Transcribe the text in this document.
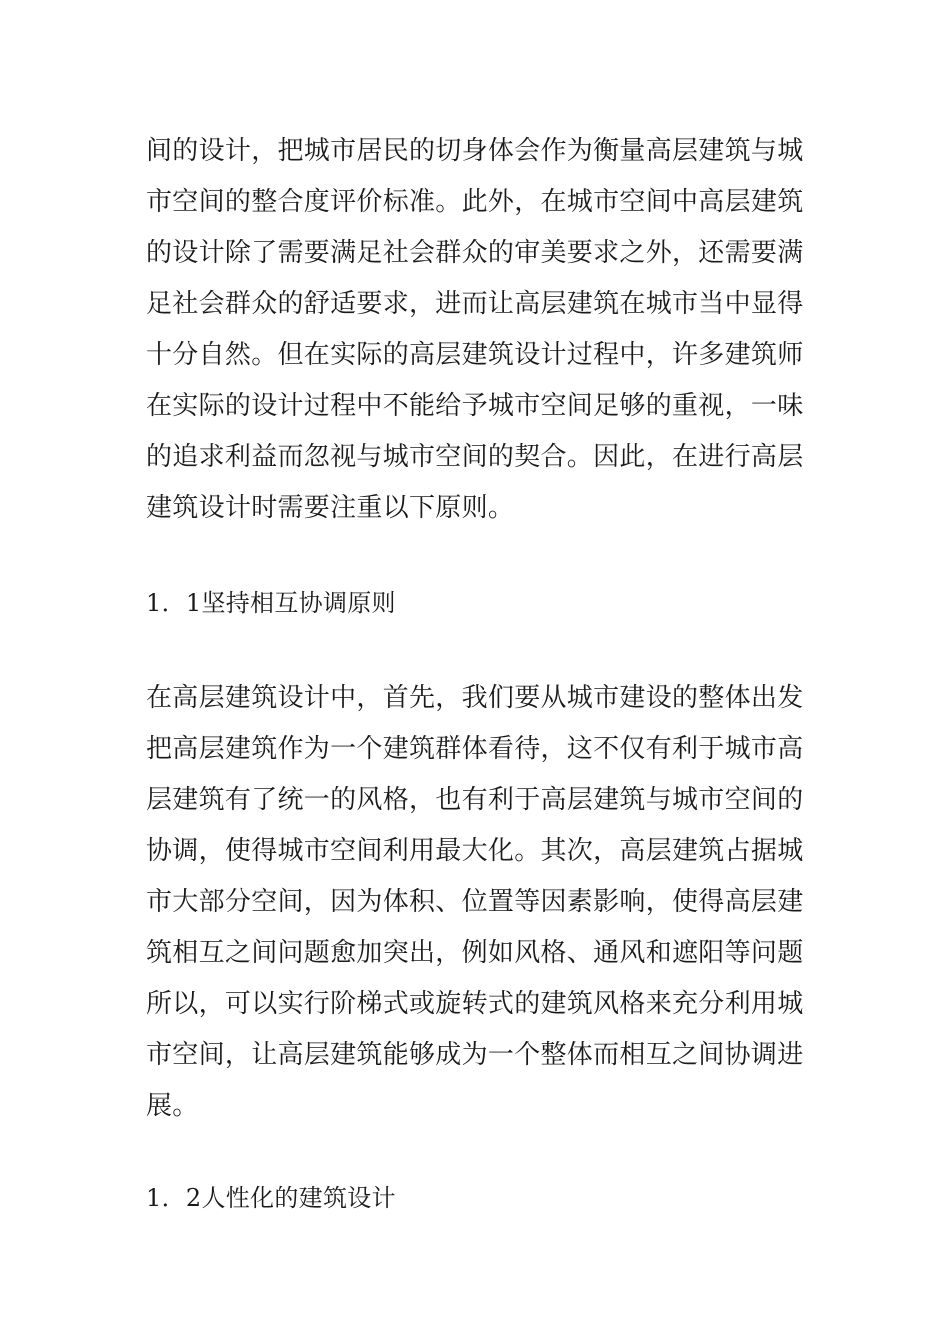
间的设计，把城市居民的切身体会作为衡量高层建筑与城
市空间的整合度评价标准。此外，在城市空间中高层建筑
的设计除了需要满足社会群众的审美要求之外，还需要满
足社会群众的舒适要求，进而让高层建筑在城市当中显得
十分自然。但在实际的高层建筑设计过程中，许多建筑师
在实际的设计过程中不能给予城市空间足够的重视，一味
的追求利益而忽视与城市空间的契合。因此，在进行高层
建筑设计时需要注重以下原则。
1．1坚持相互协调原则
在高层建筑设计中，首先，我们要从城市建设的整体出发
把高层建筑作为一个建筑群体看待，这不仅有利于城市高
层建筑有了统一的风格，也有利于高层建筑与城市空间的
协调，使得城市空间利用最大化。其次，高层建筑占据城
市大部分空间，因为体积、位置等因素影响，使得高层建
筑相互之间问题愈加突出，例如风格、通风和遮阳等问题
所以，可以实行阶梯式或旋转式的建筑风格来充分利用城
市空间，让高层建筑能够成为一个整体而相互之间协调进
展。
1．2人性化的建筑设计
